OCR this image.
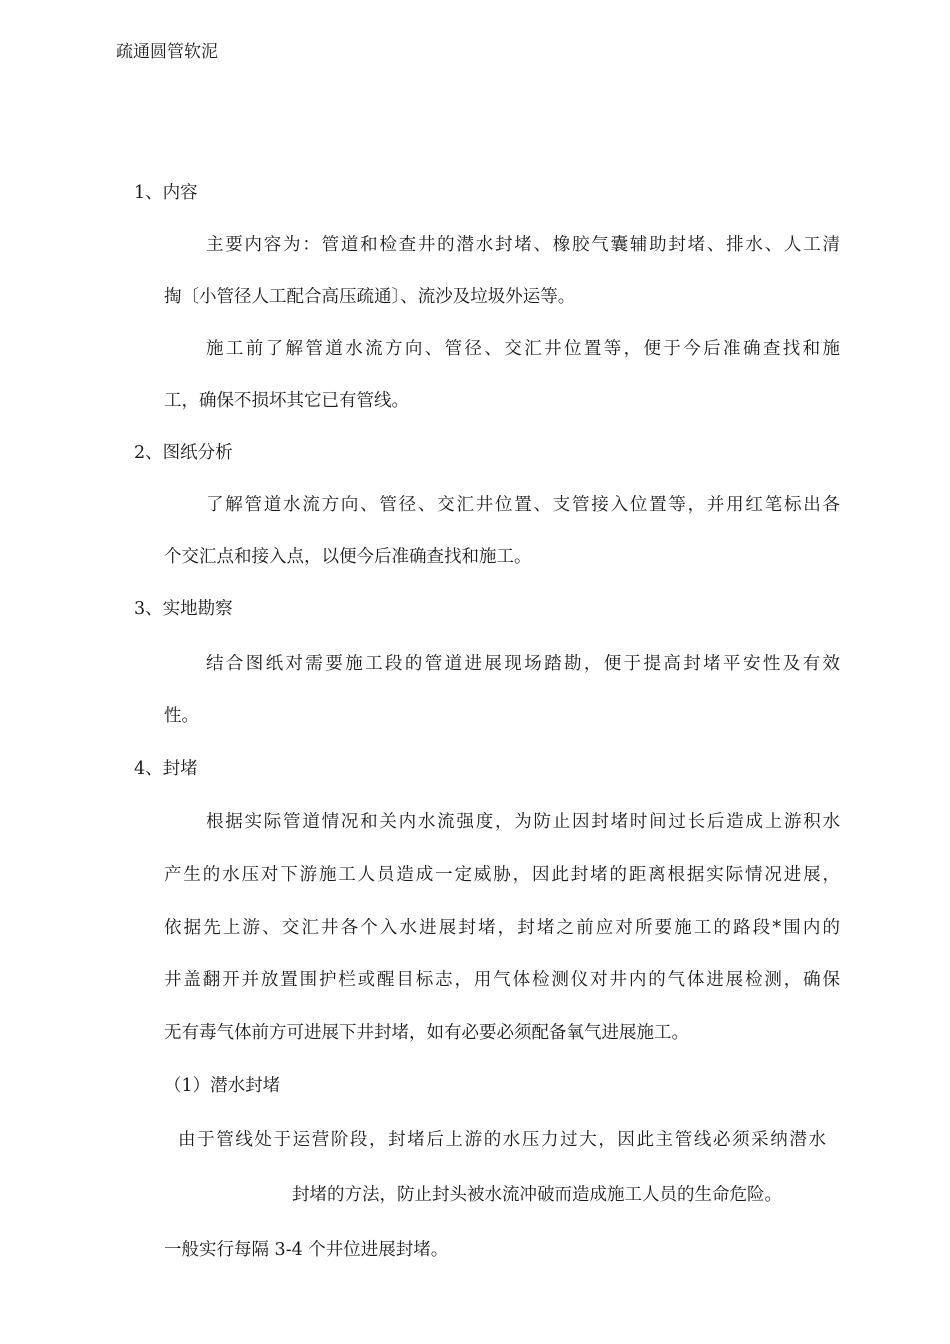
疏通圆管软泥

1、内容

主要内容为：管道和检查井的潜水封堵、橡胶气囊辅助封堵、排水、人工清

掏〔小管径人工配合高压疏通〕、流沙及垃圾外运等。

施工前了解管道水流方向、管径、交汇井位置等，便于今后准确查找和施

工，确保不损坏其它已有管线。

2、图纸分析

了解管道水流方向、管径、交汇井位置、支管接入位置等，并用红笔标出各

个交汇点和接入点，以便今后准确查找和施工。

3、实地勘察

结合图纸对需要施工段的管道进展现场踏勘，便于提高封堵平安性及有效

性。

4、封堵

根据实际管道情况和关内水流强度，为防止因封堵时间过长后造成上游积水

产生的水压对下游施工人员造成一定威胁，因此封堵的距离根据实际情况进展，

依据先上游、交汇井各个入水进展封堵，封堵之前应对所要施工的路段*围内的

井盖翻开并放置围护栏或醒目标志，用气体检测仪对井内的气体进展检测，确保

无有毒气体前方可进展下井封堵，如有必要必须配备氧气进展施工。

（1）潜水封堵

由于管线处于运营阶段，封堵后上游的水压力过大，因此主管线必须采纳潜水

封堵的方法，防止封头被水流冲破而造成施工人员的生命危险。

一般实行每隔 3-4 个井位进展封堵。
